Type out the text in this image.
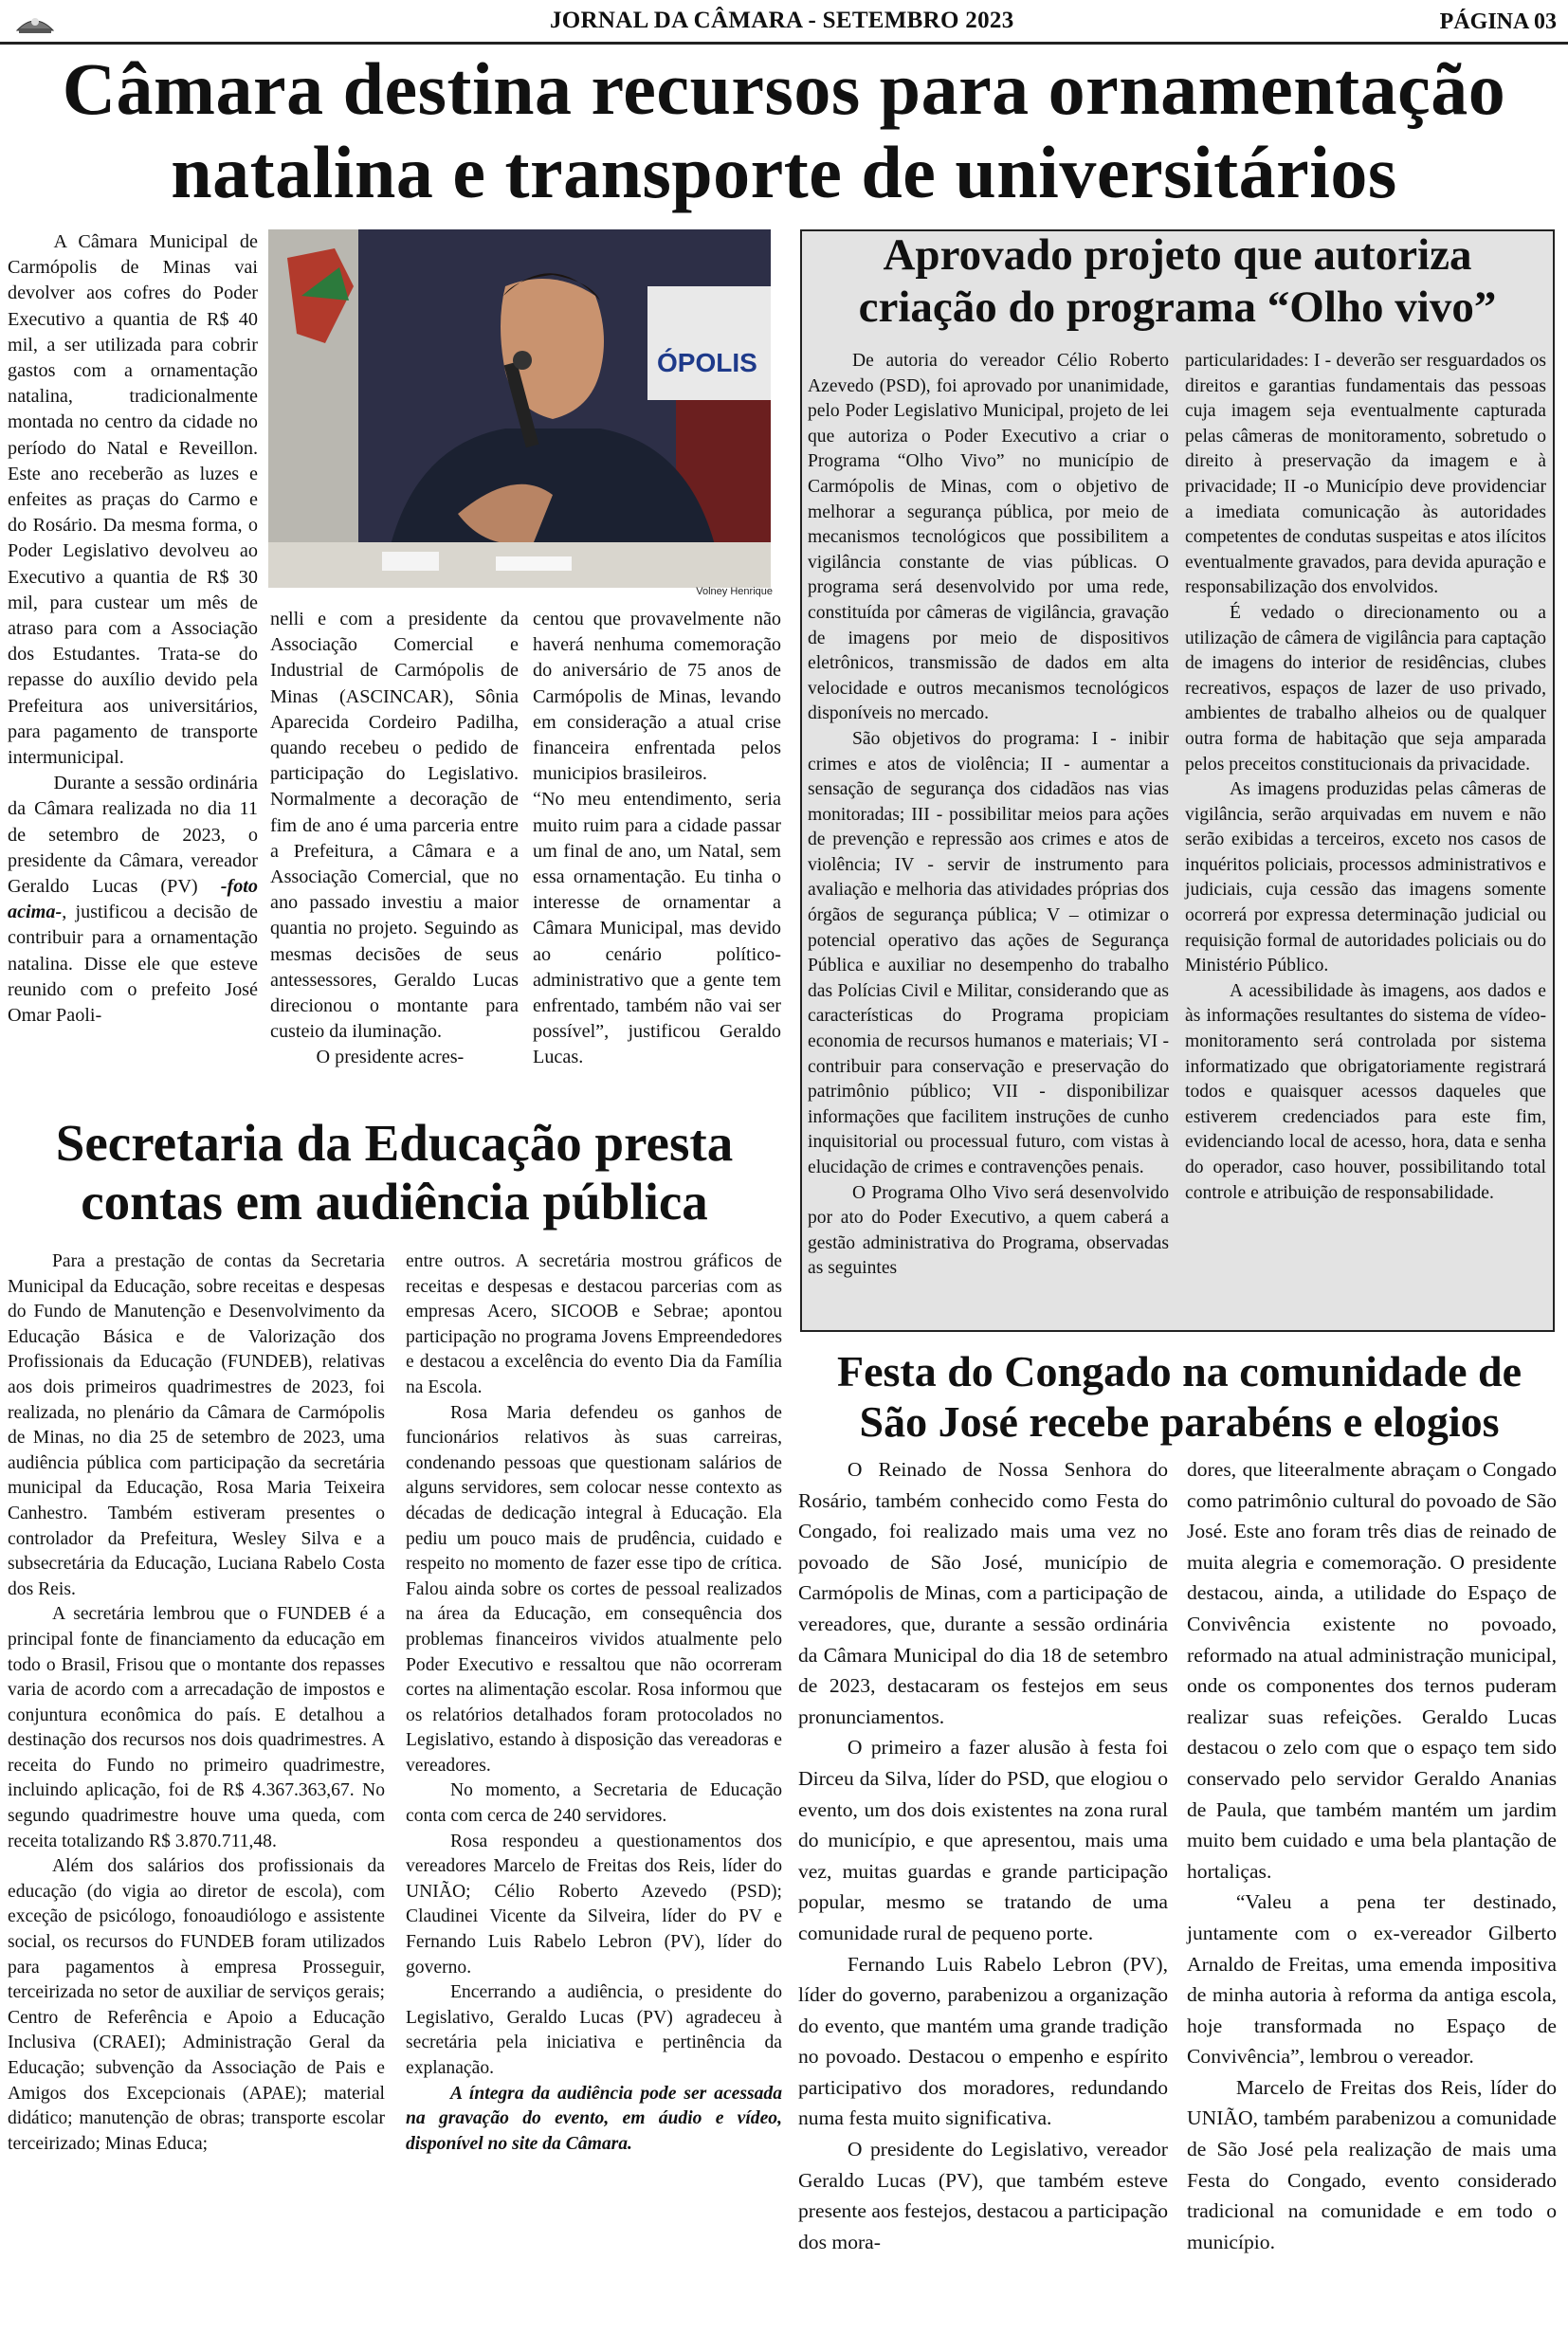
JORNAL DA CÂMARA - SETEMBRO 2023	PÁGINA 03
Câmara destina recursos para ornamentação
natalina e transporte de universitários

A Câmara Municipal de Carmópolis de Minas vai devolver aos cofres do Poder Executivo a quantia de R$ 40 mil, a ser utilizada para cobrir gastos com a ornamentação natalina, tradicionalmente montada no centro da cidade no período do Natal e Reveillon. Este ano receberão as luzes e enfeites as praças do Carmo e do Rosário. Da mesma forma, o Poder Legislativo devolveu ao Executivo a quantia de R$ 30 mil, para custear um mês de atraso para com a Associação dos Estudantes. Trata-se do repasse do auxílio devido pela Prefeitura aos universitários, para pagamento de transporte intermunicipal.

Durante a sessão ordinária da Câmara realizada no dia 11 de setembro de 2023, o presidente da Câmara, vereador Geraldo Lucas (PV) -foto acima-, justificou a decisão de contribuir para a ornamentação natalina. Disse ele que esteve reunido com o prefeito José Omar Paoli-

ÓPOLIS
Volney Henrique

nelli e com a presidente da Associação Comercial e Industrial de Carmópolis de Minas (ASCINCAR), Sônia Aparecida Cordeiro Padilha, quando recebeu o pedido de participação do Legislativo. Normalmente a decoração de fim de ano é uma parceria entre a Prefeitura, a Câmara e a Associação Comercial, que no ano passado investiu a maior quantia no projeto. Seguindo as mesmas decisões de seus antessessores, Geraldo Lucas direcionou o montante para custeio da iluminação.

O presidente acres-

centou que provavelmente não haverá nenhuma comemoração do aniversário de 75 anos de Carmópolis de Minas, levando em consideração a atual crise financeira enfrentada pelos municipios brasileiros.

“No meu entendimento, seria muito ruim para a cidade passar um final de ano, um Natal, sem essa ornamentação. Eu tinha o interesse de ornamentar a Câmara Municipal, mas devido ao cenário político-administrativo que a gente tem enfrentado, também não vai ser possível”, justificou Geraldo Lucas.

Aprovado projeto que autoriza
criação do programa “Olho vivo”

De autoria do vereador Célio Roberto Azevedo (PSD), foi aprovado por unanimidade, pelo Poder Legislativo Municipal, projeto de lei que autoriza o Poder Executivo a criar o Programa “Olho Vivo” no município de Carmópolis de Minas, com o objetivo de melhorar a segurança pública, por meio de mecanismos tecnológicos que possibilitem a vigilância constante de vias públicas. O programa será desenvolvido por uma rede, constituída por câmeras de vigilância, gravação de imagens por meio de dispositivos eletrônicos, transmissão de dados em alta velocidade e outros mecanismos tecnológicos disponíveis no mercado.

São objetivos do programa: I - inibir crimes e atos de violência; II - aumentar a sensação de segurança dos cidadãos nas vias monitoradas; III - possibilitar meios para ações de prevenção e repressão aos crimes e atos de violência; IV - servir de instrumento para avaliação e melhoria das atividades próprias dos órgãos de segurança pública; V – otimizar o potencial operativo das ações de Segurança Pública e auxiliar no desempenho do trabalho das Polícias Civil e Militar, considerando que as características do Programa propiciam economia de recursos humanos e materiais; VI - contribuir para conservação e preservação do patrimônio público; VII - disponibilizar informações que facilitem instruções de cunho inquisitorial ou processual futuro, com vistas à elucidação de crimes e contravenções penais.

O Programa Olho Vivo será desenvolvido por ato do Poder Executivo, a quem caberá a gestão administrativa do Programa, observadas as seguintes

particularidades: I - deverão ser resguardados os direitos e garantias fundamentais das pessoas cuja imagem seja eventualmente capturada pelas câmeras de monitoramento, sobretudo o direito à preservação da imagem e à privacidade; II -o Município deve providenciar a imediata comunicação às autoridades competentes de condutas suspeitas e atos ilícitos eventualmente gravados, para devida apuração e responsabilização dos envolvidos.

É vedado o direcionamento ou a utilização de câmera de vigilância para captação de imagens do interior de residências, clubes recreativos, espaços de lazer de uso privado, ambientes de trabalho alheios ou de qualquer outra forma de habitação que seja amparada pelos preceitos constitucionais da privacidade.

As imagens produzidas pelas câmeras de vigilância, serão arquivadas em nuvem e não serão exibidas a terceiros, exceto nos casos de inquéritos policiais, processos administrativos e judiciais, cuja cessão das imagens somente ocorrerá por expressa determinação judicial ou requisição formal de autoridades policiais ou do Ministério Público.

A acessibilidade às imagens, aos dados e às informações resultantes do sistema de vídeo-monitoramento será controlada por sistema informatizado que obrigatoriamente registrará todos e quaisquer acessos daqueles que estiverem credenciados para este fim, evidenciando local de acesso, hora, data e senha do operador, caso houver, possibilitando total controle e atribuição de responsabilidade.

Secretaria da Educação presta
contas em audiência pública

Para a prestação de contas da Secretaria Municipal da Educação, sobre receitas e despesas do Fundo de Manutenção e Desenvolvimento da Educação Básica e de Valorização dos Profissionais da Educação (FUNDEB), relativas aos dois primeiros quadrimestres de 2023, foi realizada, no plenário da Câmara de Carmópolis de Minas, no dia 25 de setembro de 2023, uma audiência pública com participação da secretária municipal da Educação, Rosa Maria Teixeira Canhestro. Também estiveram presentes o controlador da Prefeitura, Wesley Silva e a subsecretária da Educação, Luciana Rabelo Costa dos Reis.

A secretária lembrou que o FUNDEB é a principal fonte de financiamento da educação em todo o Brasil, Frisou que o montante dos repasses varia de acordo com a arrecadação de impostos e conjuntura econômica do país. E detalhou a destinação dos recursos nos dois quadrimestres. A receita do Fundo no primeiro quadrimestre, incluindo aplicação, foi de R$ 4.367.363,67. No segundo quadrimestre houve uma queda, com receita totalizando R$ 3.870.711,48.

Além dos salários dos profissionais da educação (do vigia ao diretor de escola), com exceção de psicólogo, fonoaudiólogo e assistente social, os recursos do FUNDEB foram utilizados para pagamentos à empresa Prosseguir, terceirizada no setor de auxiliar de serviços gerais; Centro de Referência e Apoio a Educação Inclusiva (CRAEI); Administração Geral da Educação; subvenção da Associação de Pais e Amigos dos Excepcionais (APAE); material didático; manutenção de obras; transporte escolar terceirizado; Minas Educa;

entre outros. A secretária mostrou gráficos de receitas e despesas e destacou parcerias com as empresas Acero, SICOOB e Sebrae; apontou participação no programa Jovens Empreendedores e destacou a excelência do evento Dia da Família na Escola.

Rosa Maria defendeu os ganhos de funcionários relativos às suas carreiras, condenando pessoas que questionam salários de alguns servidores, sem colocar nesse contexto as décadas de dedicação integral à Educação. Ela pediu um pouco mais de prudência, cuidado e respeito no momento de fazer esse tipo de crítica. Falou ainda sobre os cortes de pessoal realizados na área da Educação, em consequência dos problemas financeiros vividos atualmente pelo Poder Executivo e ressaltou que não ocorreram cortes na alimentação escolar. Rosa informou que os relatórios detalhados foram protocolados no Legislativo, estando à disposição das vereadoras e vereadores.

No momento, a Secretaria de Educação conta com cerca de 240 servidores.

Rosa respondeu a questionamentos dos vereadores Marcelo de Freitas dos Reis, líder do UNIÃO; Célio Roberto Azevedo (PSD); Claudinei Vicente da Silveira, líder do PV e Fernando Luis Rabelo Lebron (PV), líder do governo.

Encerrando a audiência, o presidente do Legislativo, Geraldo Lucas (PV) agradeceu à secretária pela iniciativa e pertinência da explanação.

A íntegra da audiência pode ser acessada na gravação do evento, em áudio e vídeo, disponível no site da Câmara.

Festa do Congado na comunidade de
São José recebe parabéns e elogios

O Reinado de Nossa Senhora do Rosário, também conhecido como Festa do Congado, foi realizado mais uma vez no povoado de São José, município de Carmópolis de Minas, com a participação de vereadores, que, durante a sessão ordinária da Câmara Municipal do dia 18 de setembro de 2023, destacaram os festejos em seus pronunciamentos.

O primeiro a fazer alusão à festa foi Dirceu da Silva, líder do PSD, que elogiou o evento, um dos dois existentes na zona rural do município, e que apresentou, mais uma vez, muitas guardas e grande participação popular, mesmo se tratando de uma comunidade rural de pequeno porte.

Fernando Luis Rabelo Lebron (PV), líder do governo, parabenizou a organização do evento, que mantém uma grande tradição no povoado. Destacou o empenho e espírito participativo dos moradores, redundando numa festa muito significativa.

O presidente do Legislativo, vereador Geraldo Lucas (PV), que também esteve presente aos festejos, destacou a participação dos mora-

dores, que liteeralmente abraçam o Congado como patrimônio cultural do povoado de São José. Este ano foram três dias de reinado de muita alegria e comemoração. O presidente destacou, ainda, a utilidade do Espaço de Convivência existente no povoado, reformado na atual administração municipal, onde os componentes dos ternos puderam realizar suas refeições. Geraldo Lucas destacou o zelo com que o espaço tem sido conservado pelo servidor Geraldo Ananias de Paula, que também mantém um jardim muito bem cuidado e uma bela plantação de hortaliças.

“Valeu a pena ter destinado, juntamente com o ex-vereador Gilberto Arnaldo de Freitas, uma emenda impositiva de minha autoria à reforma da antiga escola, hoje transformada no Espaço de Convivência”, lembrou o vereador.

Marcelo de Freitas dos Reis, líder do UNIÃO, também parabenizou a comunidade de São José pela realização de mais uma Festa do Congado, evento considerado tradicional na comunidade e em todo o município.
